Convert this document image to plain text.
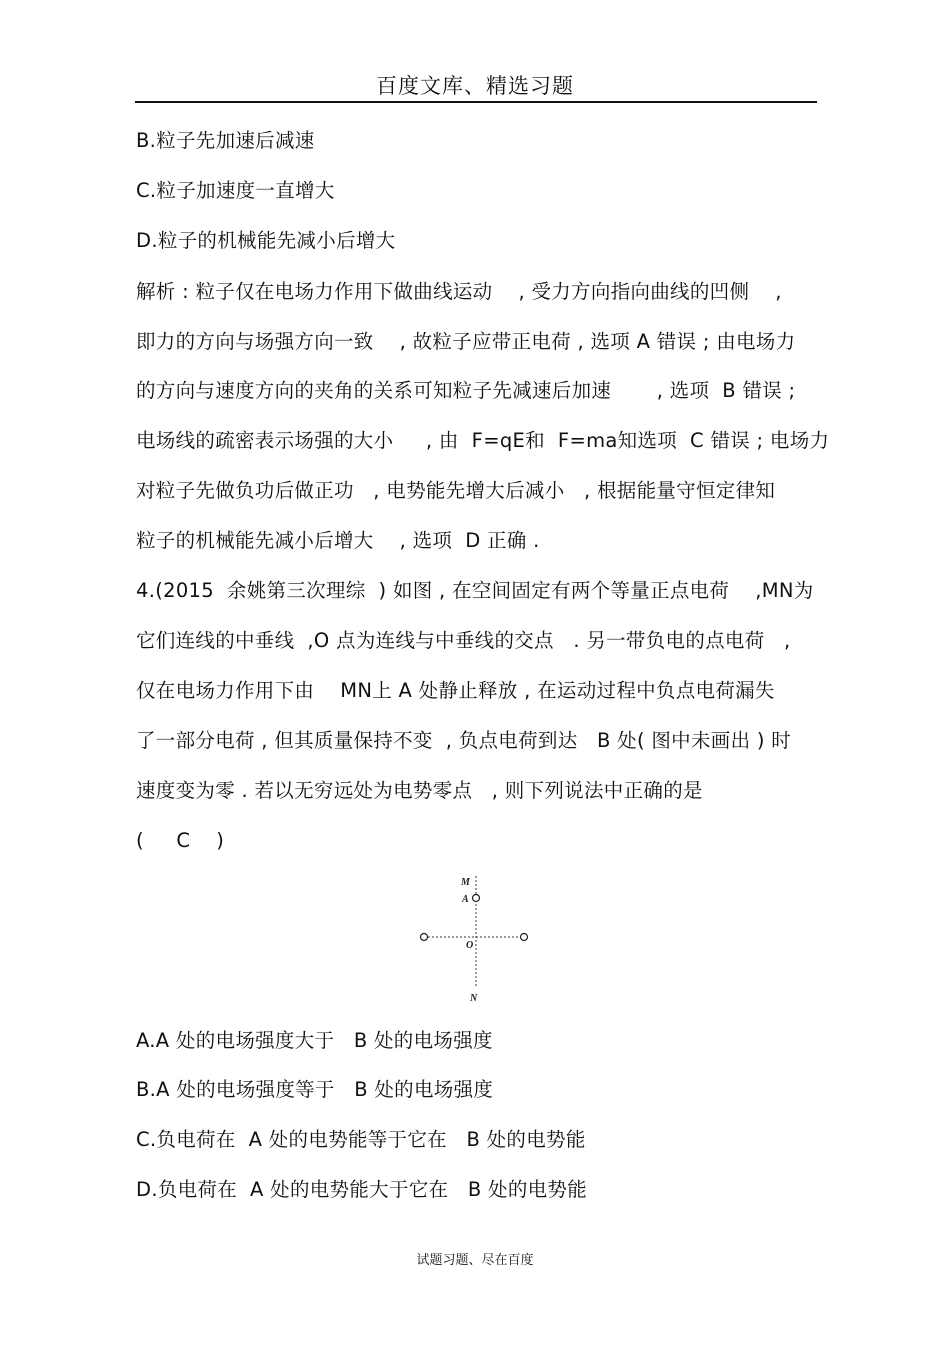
百度文库、精选习题
B.粒子先加速后减速
C.粒子加速度一直增大
D.粒子的机械能先减小后增大
解析 : 粒子仅在电场力作用下做曲线运动    , 受力方向指向曲线的凹侧    ,
即力的方向与场强方向一致    , 故粒子应带正电荷 , 选项 A 错误 ; 由电场力
的方向与速度方向的夹角的关系可知粒子先减速后加速       , 选项  B 错误 ;
电场线的疏密表示场强的大小     , 由  F=qE和  F=ma知选项  C 错误 ; 电场力
对粒子先做负功后做正功   , 电势能先增大后减小   , 根据能量守恒定律知
粒子的机械能先减小后增大    , 选项  D 正确 .
4.(2015  余姚第三次理综  ) 如图 , 在空间固定有两个等量正点电荷    ,MN为
它们连线的中垂线  ,O 点为连线与中垂线的交点   . 另一带负电的点电荷   ,
仅在电场力作用下由    MN上 A 处静止释放 , 在运动过程中负点电荷漏失
了一部分电荷 , 但其质量保持不变  , 负点电荷到达   B 处( 图中未画出 ) 时
速度变为零 . 若以无穷远处为电势零点   , 则下列说法中正确的是
(     C    )
M
A
O
N
A.A 处的电场强度大于   B 处的电场强度
B.A 处的电场强度等于   B 处的电场强度
C.负电荷在  A 处的电势能等于它在   B 处的电势能
D.负电荷在  A 处的电势能大于它在   B 处的电势能
试题习题、尽在百度
